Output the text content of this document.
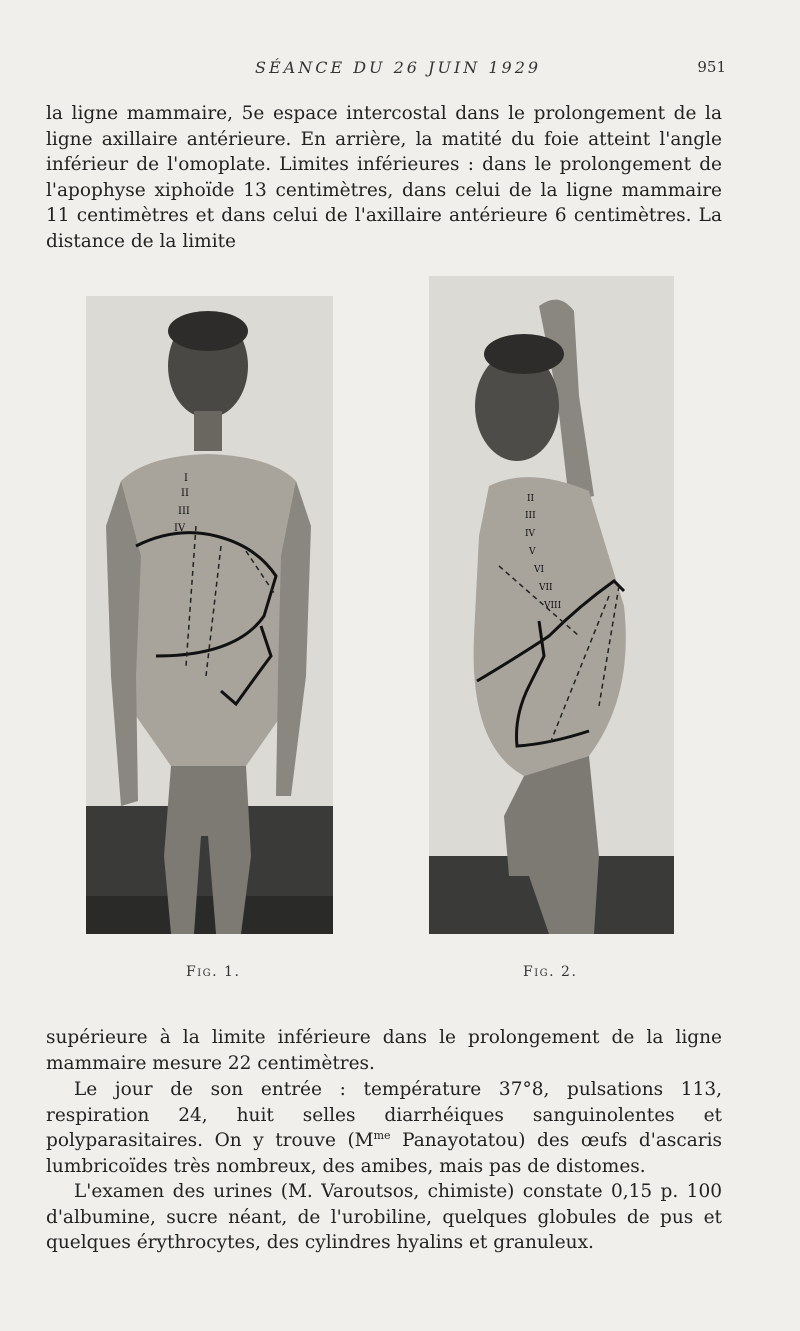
SÉANCE DU 26 JUIN 1929	951
la ligne mammaire, 5e espace intercostal dans le prolongement de la ligne axillaire antérieure. En arrière, la matité du foie atteint l'angle inférieur de l'omoplate. Limites inférieures : dans le prolongement de l'apophyse xiphoïde 13 centimètres, dans celui de la ligne mammaire 11 centimètres et dans celui de l'axillaire antérieure 6 centimètres. La distance de la limite
I
II
III
IV
II
III
IV
V
VI
VII
VIII
Fig. 1.	Fig. 2.
supérieure à la limite inférieure dans le prolongement de la ligne mammaire mesure 22 centimètres.
Le jour de son entrée : température 37°8, pulsations 113, respiration 24, huit selles diarrhéiques sanguinolentes et polyparasitaires. On y trouve ($M^{me}$ Panayotatou) des œufs d'ascaris lumbricoïdes très nombreux, des amibes, mais pas de distomes.
L'examen des urines (M. Varoutsos, chimiste) constate 0,15 p. 100 d'albumine, sucre néant, de l'urobiline, quelques globules de pus et quelques érythrocytes, des cylindres hyalins et granuleux.
